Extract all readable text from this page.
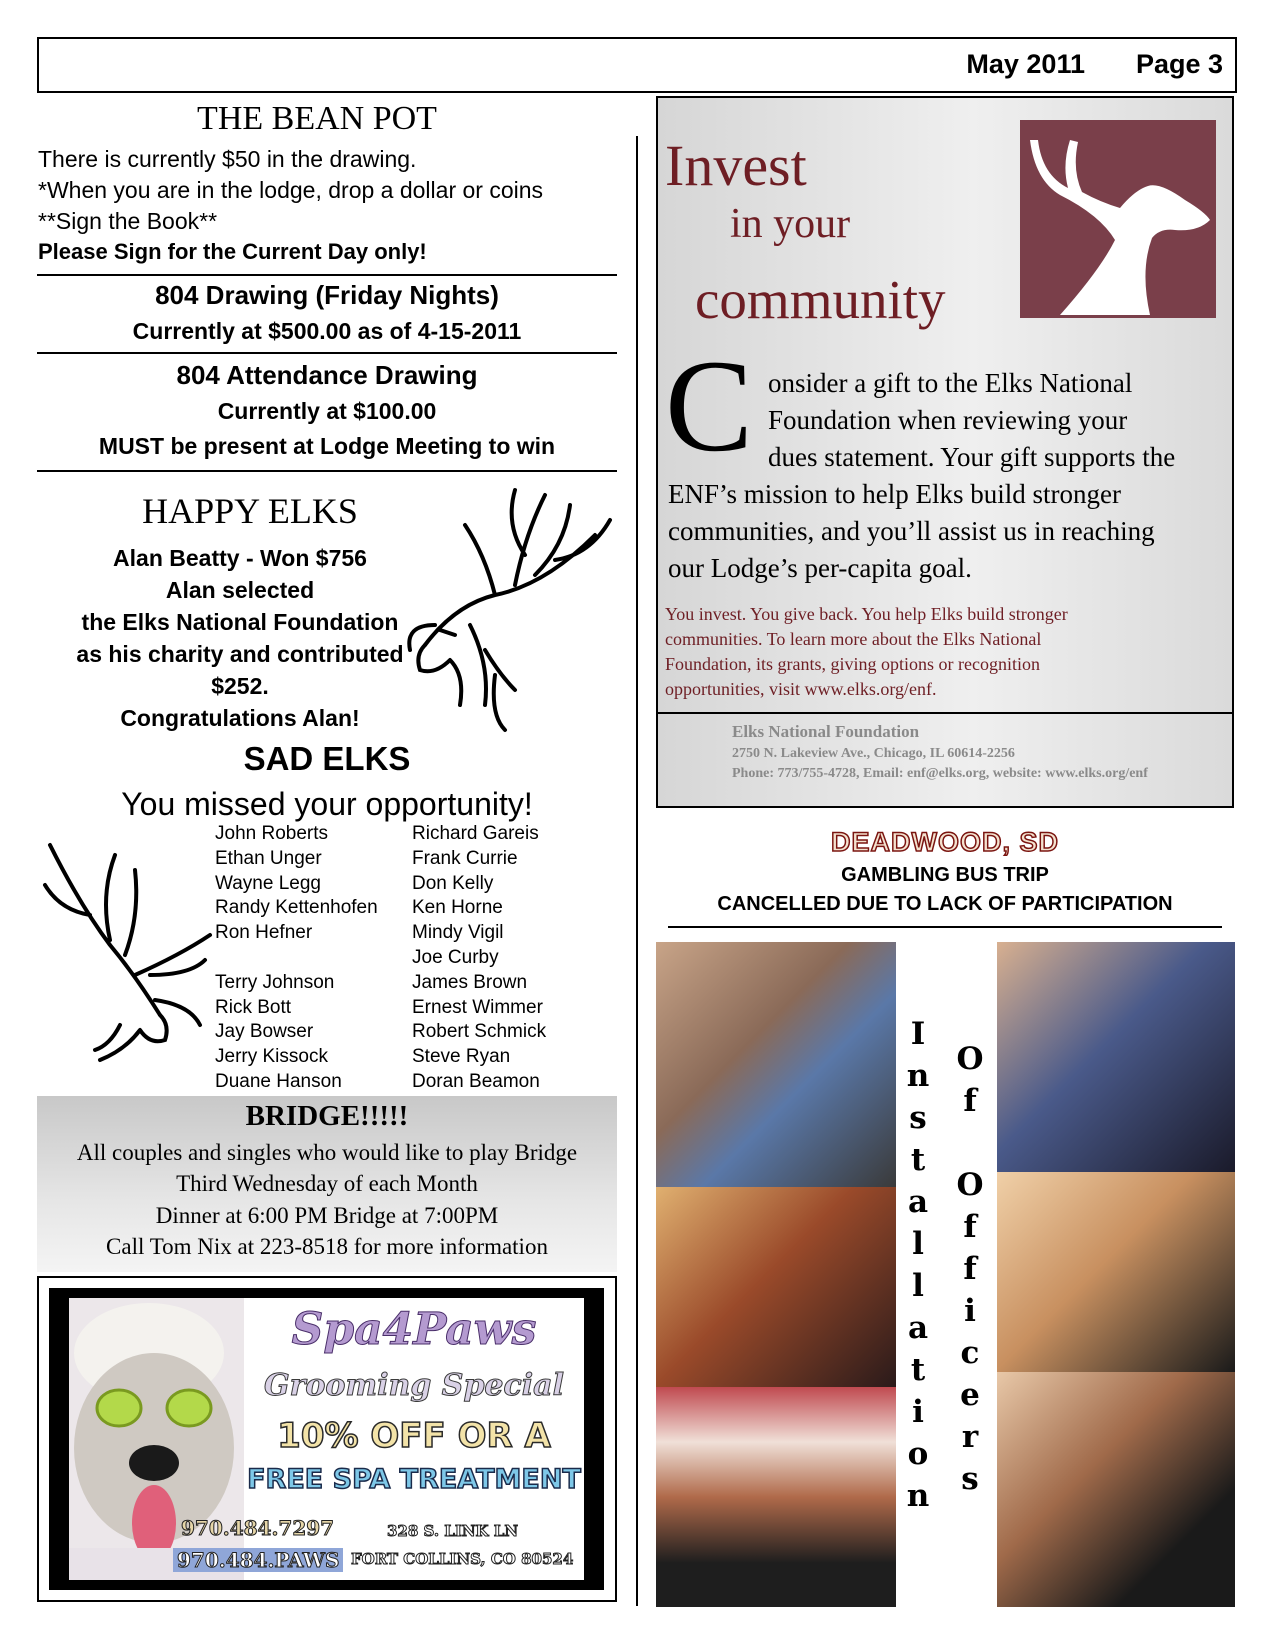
May 2011 Page 3
THE BEAN POT
There is currently $50 in the drawing.
*When you are in the lodge, drop a dollar or coins
**Sign the Book**
Please Sign for the Current Day only!
804 Drawing (Friday Nights)
Currently at $500.00 as of 4-15-2011
804 Attendance Drawing
Currently at $100.00
MUST be present at Lodge Meeting to win
HAPPY ELKS
Alan Beatty - Won $756
Alan selected
the Elks National Foundation
as his charity and contributed
$252.
Congratulations Alan!
SAD ELKS
You missed your opportunity!
John Roberts
Ethan Unger
Wayne Legg
Randy Kettenhofen
Ron Hefner
Terry Johnson
Rick Bott
Jay Bowser
Jerry Kissock
Duane Hanson
Richard Gareis
Frank Currie
Don Kelly
Ken Horne
Mindy Vigil
Joe Curby
James Brown
Ernest Wimmer
Robert Schmick
Steve Ryan
Doran Beamon
BRIDGE!!!!!
All couples and singles who would like to play Bridge
Third Wednesday of each Month
Dinner at 6:00 PM Bridge at 7:00PM
Call Tom Nix at 223-8518 for more information
Spa4Paws
Grooming Special
10% OFF OR A
FREE SPA TREATMENT
970.484.7297
970.484.PAWS
328 S. LINK LN
FORT COLLINS, CO 80524
Invest
in your
community
C onsider a gift to the Elks National
Foundation when reviewing your
dues statement. Your gift supports the
ENF’s mission to help Elks build stronger
communities, and you’ll assist us in reaching
our Lodge’s per-capita goal.
You invest. You give back. You help Elks build stronger
communities. To learn more about the Elks National
Foundation, its grants, giving options or recognition
opportunities, visit www.elks.org/enf.
Elks National Foundation
2750 N. Lakeview Ave., Chicago, IL 60614-2256
Phone: 773/755-4728, Email: enf@elks.org, website: www.elks.org/enf
DEADWOOD, SD
GAMBLING BUS TRIP
CANCELLED DUE TO LACK OF PARTICIPATION
I
n
s
t
a
l
l
a
t
i
o
n
O
f
O
f
f
i
c
e
r
s
